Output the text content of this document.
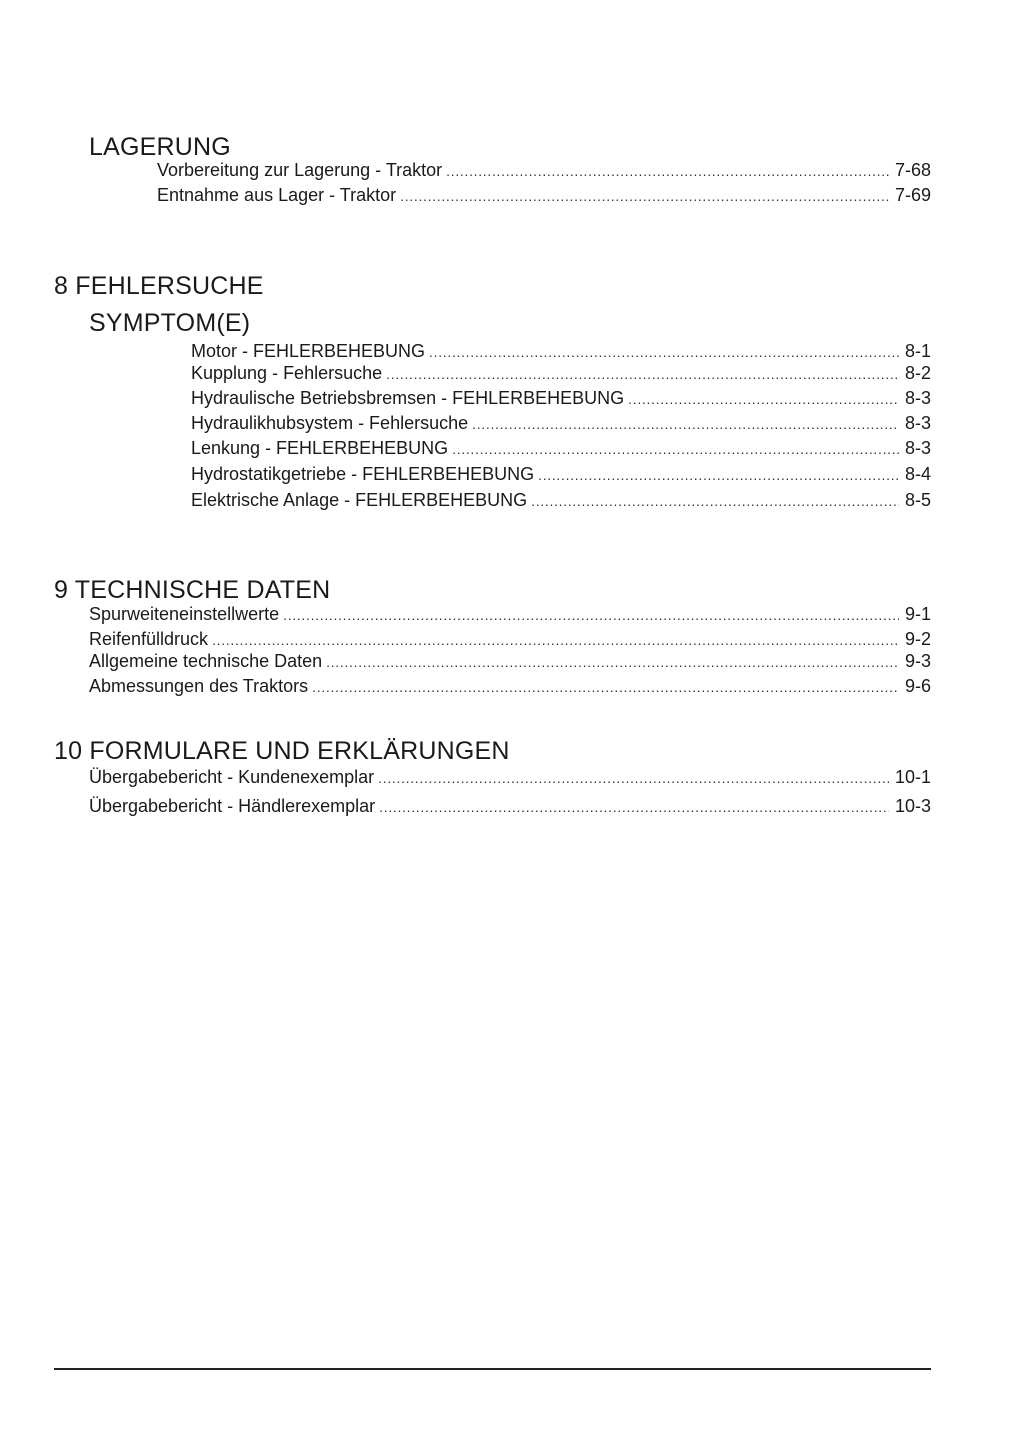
LAGERUNG
Vorbereitung zur Lagerung - Traktor . . .	7-68
Entnahme aus Lager - Traktor . . .	7-69
8 FEHLERSUCHE
SYMPTOM(E)
Motor - FEHLERBEHEBUNG . . .	8-1
Kupplung - Fehlersuche . . .	8-2
Hydraulische Betriebsbremsen - FEHLERBEHEBUNG . . .	8-3
Hydraulikhubsystem - Fehlersuche . . .	8-3
Lenkung - FEHLERBEHEBUNG . . .	8-3
Hydrostatikgetriebe - FEHLERBEHEBUNG . . .	8-4
Elektrische Anlage - FEHLERBEHEBUNG . . .	8-5
9 TECHNISCHE DATEN
Spurweiteneinstellwerte . . .	9-1
Reifenfülldruck . . .	9-2
Allgemeine technische Daten . . .	9-3
Abmessungen des Traktors . . .	9-6
10 FORMULARE UND ERKLÄRUNGEN
Übergabebericht - Kundenexemplar . . .	10-1
Übergabebericht - Händlerexemplar . . .	10-3
